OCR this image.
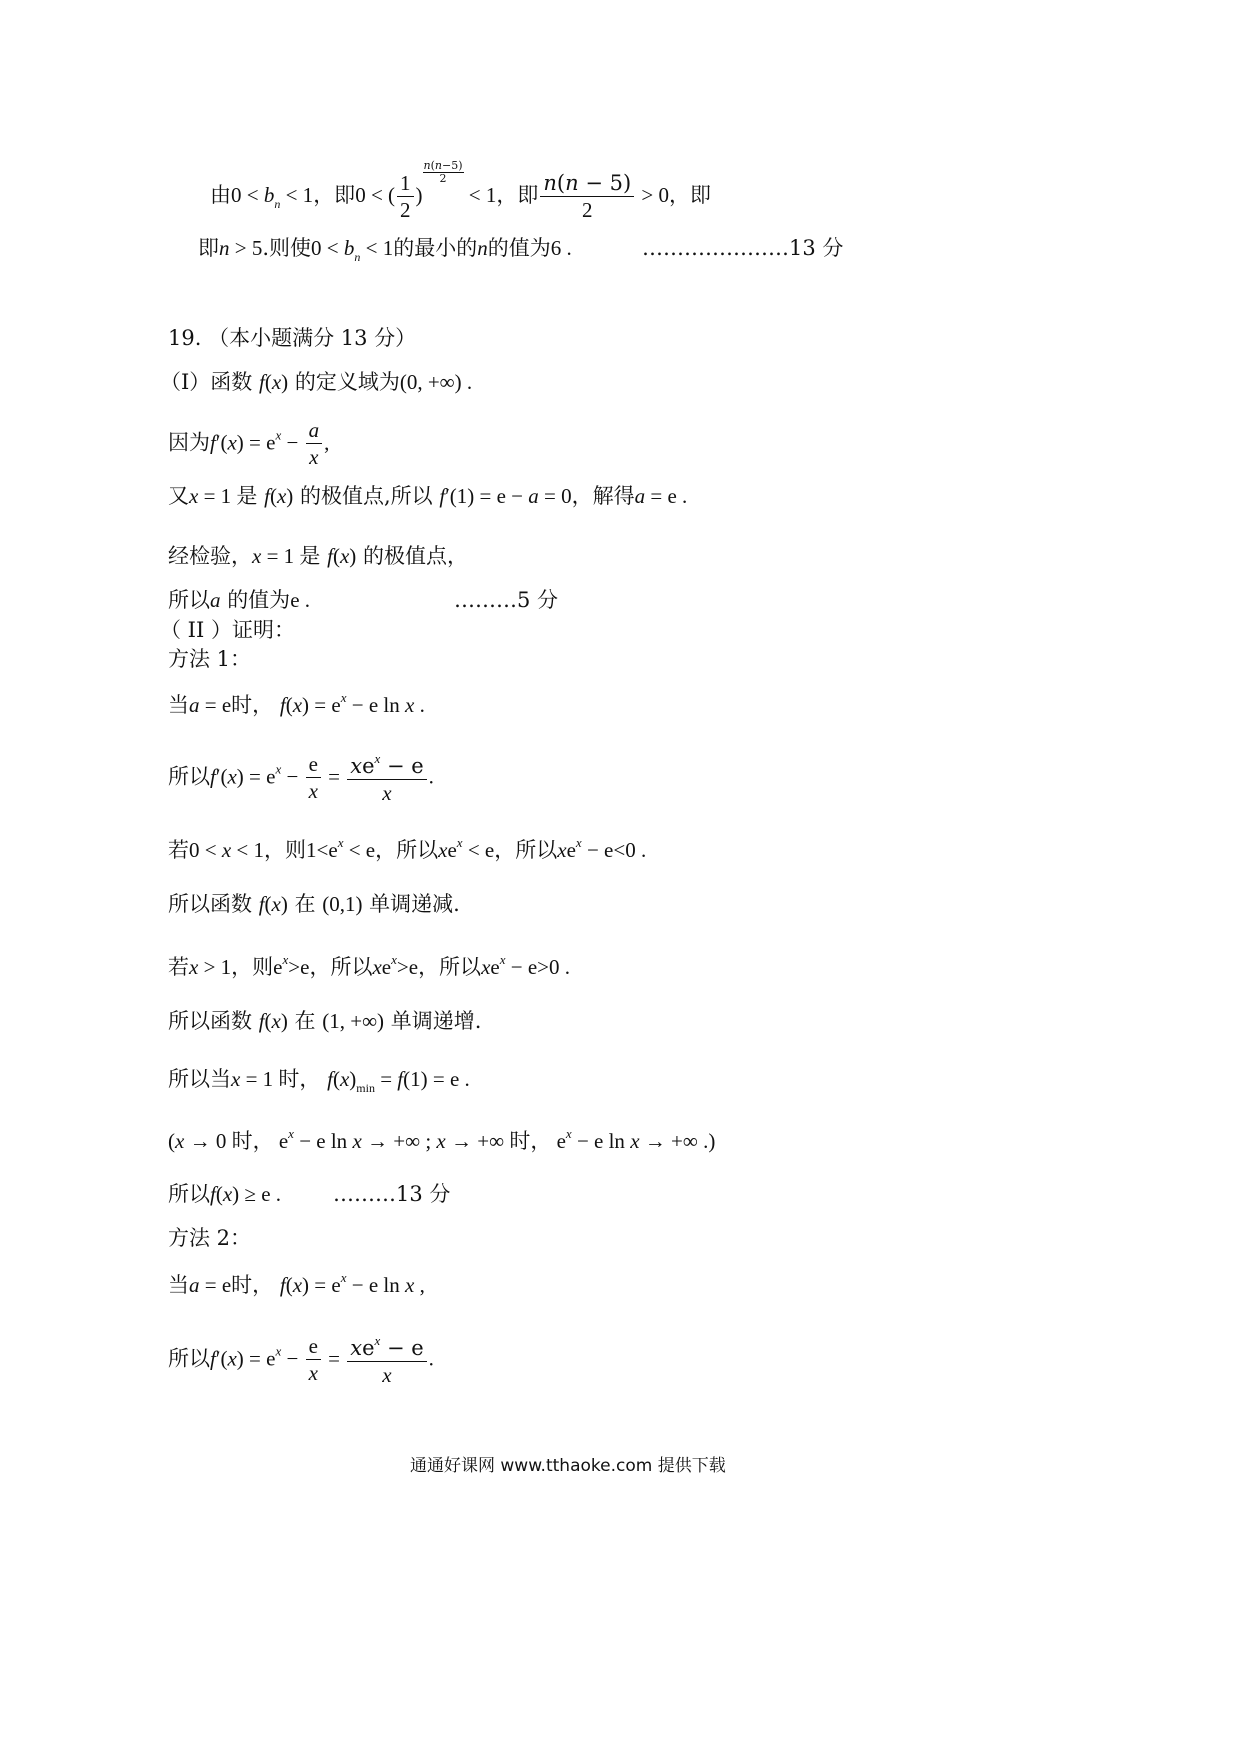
由$0 < b_n < 1$，即0 < ( $\frac{1}{2}$ )
$\frac{n(n-5)}{2} < 1$，即 $\frac{n(n - 5)}{2} > 0$，即
即n > 5.则使$0 < b_n < 1$的最小的n的值为6 .	…………………13 分
19. （本小题满分 13 分）
（I）函数 f(x) 的定义域为(0, +∞) .
因为$f'(x) = e^x - \frac{a}{x}$ ,
又x = 1 是 f(x) 的极值点,所以 f′(1) = e − a = 0，解得a = e .
经检验，x = 1 是 f(x) 的极值点，
所以a 的值为e .	………5 分
（ II ）证明：
方法 1：
当a = e时， $f(x) = e^x - e$ ln x .
所以$f'(x) = e^x - \frac{e}{x} = \frac{xe^x - e}{x}$ .
若0 < x < 1，则$1<e^x < e$，所以$xe^x < e$，所以$xe^x - e<0$ .
所以函数 f(x) 在 (0,1) 单调递减.
若x > 1，则$e^x>e$，所以$xe^x>e$，所以$xe^x - e>0$ .
所以函数 f(x) 在 (1, +∞) 单调递增.
所以当x = 1 时， $f(x)_{min} = f(1) = e$ .
(x → 0 时， $e^x - e$ ln x → +∞ ; x → +∞ 时， $e^x - e$ ln x → +∞ .)
所以f(x) ≥ e . ………13 分
方法 2：
当a = e时， $f(x) = e^x - e$ ln x ,
所以$f'(x) = e^x - \frac{e}{x} = \frac{xe^x - e}{x}$ .
通通好课网 www.tthaoke.com 提供下载
